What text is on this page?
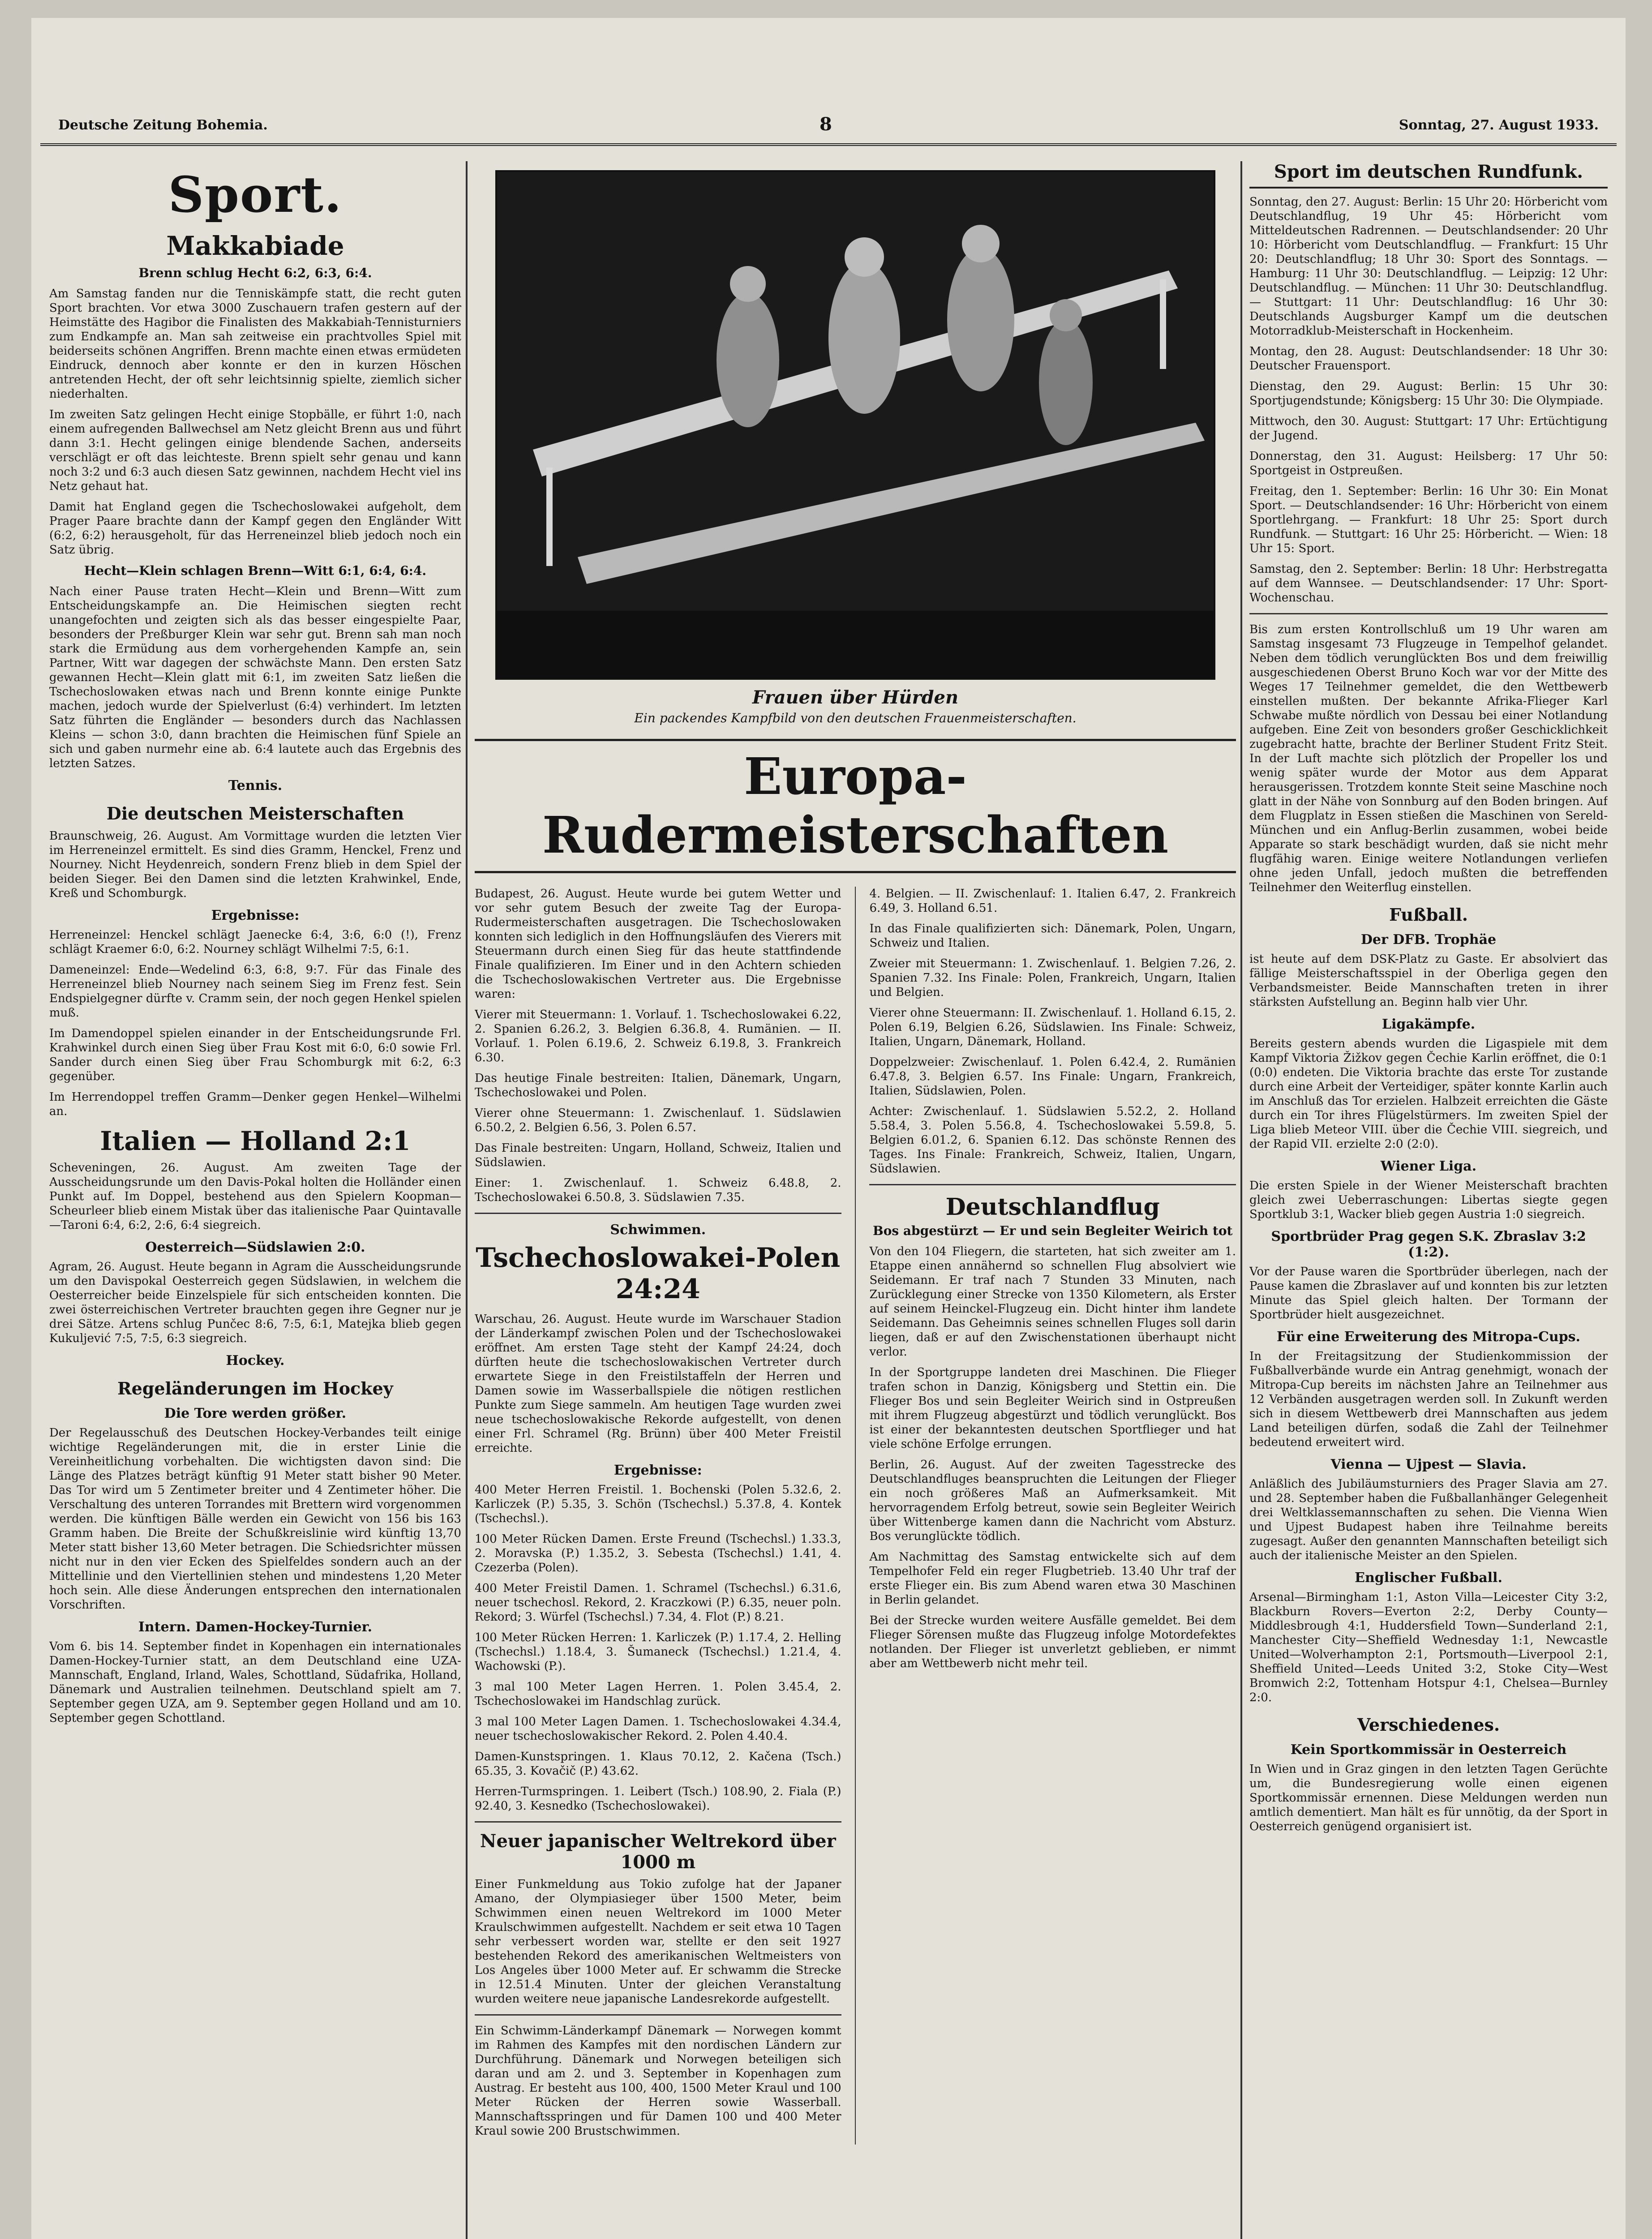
Deutsche Zeitung Bohemia.	8	Sonntag, 27. August 1933.
Sport.
Makkabiade
Brenn schlug Hecht 6:2, 6:3, 6:4.

Am Samstag fanden nur die Tenniskämpfe statt, die recht guten Sport brachten. Vor etwa 3000 Zuschauern trafen gestern auf der Heimstätte des Hagibor die Finalisten des Makkabiah-Tennisturniers zum Endkampfe an. Man sah zeitweise ein prachtvolles Spiel mit beiderseits schönen Angriffen. Brenn machte einen etwas ermüdeten Eindruck, dennoch aber konnte er den in kurzen Höschen antretenden Hecht, der oft sehr leichtsinnig spielte, ziemlich sicher niederhalten.

Im zweiten Satz gelingen Hecht einige Stopbälle, er führt 1:0, nach einem aufregenden Ballwechsel am Netz gleicht Brenn aus und führt dann 3:1. Hecht gelingen einige blendende Sachen, anderseits verschlägt er oft das leichteste. Brenn spielt sehr genau und kann noch 3:2 und 6:3 auch diesen Satz gewinnen, nachdem Hecht viel ins Netz gehaut hat.

Damit hat England gegen die Tschechoslowakei aufgeholt, dem Prager Paare brachte dann der Kampf gegen den Engländer Witt (6:2, 6:2) herausgeholt, für das Herreneinzel blieb jedoch noch ein Satz übrig.

Hecht—Klein schlagen Brenn—Witt 6:1, 6:4, 6:4.

Nach einer Pause traten Hecht—Klein und Brenn—Witt zum Entscheidungskampfe an. Die Heimischen siegten recht unangefochten und zeigten sich als das besser eingespielte Paar, besonders der Preßburger Klein war sehr gut. Brenn sah man noch stark die Ermüdung aus dem vorhergehenden Kampfe an, sein Partner, Witt war dagegen der schwächste Mann. Den ersten Satz gewannen Hecht—Klein glatt mit 6:1, im zweiten Satz ließen die Tschechoslowaken etwas nach und Brenn konnte einige Punkte machen, jedoch wurde der Spielverlust (6:4) verhindert. Im letzten Satz führten die Engländer — besonders durch das Nachlassen Kleins — schon 3:0, dann brachten die Heimischen fünf Spiele an sich und gaben nurmehr eine ab. 6:4 lautete auch das Ergebnis des letzten Satzes.

Tennis.
Die deutschen Meisterschaften

Braunschweig, 26. August. Am Vormittage wurden die letzten Vier im Herreneinzel ermittelt. Es sind dies Gramm, Henckel, Frenz und Nourney. Nicht Heydenreich, sondern Frenz blieb in dem Spiel der beiden Sieger. Bei den Damen sind die letzten Krahwinkel, Ende, Kreß und Schomburgk.

Ergebnisse:

Herreneinzel: Henckel schlägt Jaenecke 6:4, 3:6, 6:0 (!), Frenz schlägt Kraemer 6:0, 6:2. Nourney schlägt Wilhelmi 7:5, 6:1.

Dameneinzel: Ende—Wedelind 6:3, 6:8, 9:7. Für das Finale des Herreneinzel blieb Nourney nach seinem Sieg im Frenz fest. Sein Endspielgegner dürfte v. Cramm sein, der noch gegen Henkel spielen muß.

Im Damendoppel spielen einander in der Entscheidungsrunde Frl. Krahwinkel durch einen Sieg über Frau Kost mit 6:0, 6:0 sowie Frl. Sander durch einen Sieg über Frau Schomburgk mit 6:2, 6:3 gegenüber.

Im Herrendoppel treffen Gramm—Denker gegen Henkel—Wilhelmi an.

Italien — Holland 2:1

Scheveningen, 26. August. Am zweiten Tage der Ausscheidungsrunde um den Davis-Pokal holten die Holländer einen Punkt auf. Im Doppel, bestehend aus den Spielern Koopman—Scheurleer blieb einem Mistak über das italienische Paar Quintavalle—Taroni 6:4, 6:2, 2:6, 6:4 siegreich.

Oesterreich—Südslawien 2:0.

Agram, 26. August. Heute begann in Agram die Ausscheidungsrunde um den Davispokal Oesterreich gegen Südslawien, in welchem die Oesterreicher beide Einzelspiele für sich entscheiden konnten. Die zwei österreichischen Vertreter brauchten gegen ihre Gegner nur je drei Sätze. Artens schlug Punčec 8:6, 7:5, 6:1, Matejka blieb gegen Kukuljević 7:5, 7:5, 6:3 siegreich.

Hockey.
Regeländerungen im Hockey
Die Tore werden größer.

Der Regelausschuß des Deutschen Hockey-Verbandes teilt einige wichtige Regeländerungen mit, die in erster Linie die Vereinheitlichung vorbehalten. Die wichtigsten davon sind: Die Länge des Platzes beträgt künftig 91 Meter statt bisher 90 Meter. Das Tor wird um 5 Zentimeter breiter und 4 Zentimeter höher. Die Verschaltung des unteren Torrandes mit Brettern wird vorgenommen werden. Die künftigen Bälle werden ein Gewicht von 156 bis 163 Gramm haben. Die Breite der Schußkreislinie wird künftig 13,70 Meter statt bisher 13,60 Meter betragen. Die Schiedsrichter müssen nicht nur in den vier Ecken des Spielfeldes sondern auch an der Mittellinie und den Viertellinien stehen und mindestens 1,20 Meter hoch sein. Alle diese Änderungen entsprechen den internationalen Vorschriften.

Intern. Damen-Hockey-Turnier.

Vom 6. bis 14. September findet in Kopenhagen ein internationales Damen-Hockey-Turnier statt, an dem Deutschland eine UZA-Mannschaft, England, Irland, Wales, Schottland, Südafrika, Holland, Dänemark und Australien teilnehmen. Deutschland spielt am 7. September gegen UZA, am 9. September gegen Holland und am 10. September gegen Schottland.

Frauen über Hürden
Ein packendes Kampfbild von den deutschen Frauenmeisterschaften.
Europa-Rudermeisterschaften

Budapest, 26. August. Heute wurde bei gutem Wetter und vor sehr gutem Besuch der zweite Tag der Europa-Rudermeisterschaften ausgetragen. Die Tschechoslowaken konnten sich lediglich in den Hoffnungsläufen des Vierers mit Steuermann durch einen Sieg für das heute stattfindende Finale qualifizieren. Im Einer und in den Achtern schieden die Tschechoslowakischen Vertreter aus. Die Ergebnisse waren:

Vierer mit Steuermann: 1. Vorlauf. 1. Tschechoslowakei 6.22, 2. Spanien 6.26.2, 3. Belgien 6.36.8, 4. Rumänien. — II. Vorlauf. 1. Polen 6.19.6, 2. Schweiz 6.19.8, 3. Frankreich 6.30.

Das heutige Finale bestreiten: Italien, Dänemark, Ungarn, Tschechoslowakei und Polen.

Vierer ohne Steuermann: 1. Zwischenlauf. 1. Südslawien 6.50.2, 2. Belgien 6.56, 3. Polen 6.57.

Das Finale bestreiten: Ungarn, Holland, Schweiz, Italien und Südslawien.

Einer: 1. Zwischenlauf. 1. Schweiz 6.48.8, 2. Tschechoslowakei 6.50.8, 3. Südslawien 7.35.

Schwimmen.
Tschechoslowakei-Polen 24:24

Warschau, 26. August. Heute wurde im Warschauer Stadion der Länderkampf zwischen Polen und der Tschechoslowakei eröffnet. Am ersten Tage steht der Kampf 24:24, doch dürften heute die tschechoslowakischen Vertreter durch erwartete Siege in den Freistilstaffeln der Herren und Damen sowie im Wasserballspiele die nötigen restlichen Punkte zum Siege sammeln. Am heutigen Tage wurden zwei neue tschechoslowakische Rekorde aufgestellt, von denen einer Frl. Schramel (Rg. Brünn) über 400 Meter Freistil erreichte.

Ergebnisse:

400 Meter Herren Freistil. 1. Bochenski (Polen 5.32.6, 2. Karliczek (P.) 5.35, 3. Schön (Tschechsl.) 5.37.8, 4. Kontek (Tschechsl.).

100 Meter Rücken Damen. Erste Freund (Tschechsl.) 1.33.3, 2. Moravska (P.) 1.35.2, 3. Sebesta (Tschechsl.) 1.41, 4. Czezerba (Polen).

400 Meter Freistil Damen. 1. Schramel (Tschechsl.) 6.31.6, neuer tschechosl. Rekord, 2. Kraczkowi (P.) 6.35, neuer poln. Rekord; 3. Würfel (Tschechsl.) 7.34, 4. Flot (P.) 8.21.

100 Meter Rücken Herren: 1. Karliczek (P.) 1.17.4, 2. Helling (Tschechsl.) 1.18.4, 3. Šumaneck (Tschechsl.) 1.21.4, 4. Wachowski (P.).

3 mal 100 Meter Lagen Herren. 1. Polen 3.45.4, 2. Tschechoslowakei im Handschlag zurück.

3 mal 100 Meter Lagen Damen. 1. Tschechoslowakei 4.34.4, neuer tschechoslowakischer Rekord. 2. Polen 4.40.4.

Damen-Kunstspringen. 1. Klaus 70.12, 2. Kačena (Tsch.) 65.35, 3. Kovačič (P.) 43.62.

Herren-Turmspringen. 1. Leibert (Tsch.) 108.90, 2. Fiala (P.) 92.40, 3. Kesnedko (Tschechoslowakei).

Neuer japanischer Weltrekord über 1000 m

Einer Funkmeldung aus Tokio zufolge hat der Japaner Amano, der Olympiasieger über 1500 Meter, beim Schwimmen einen neuen Weltrekord im 1000 Meter Kraulschwimmen aufgestellt. Nachdem er seit etwa 10 Tagen sehr verbessert worden war, stellte er den seit 1927 bestehenden Rekord des amerikanischen Weltmeisters von Los Angeles über 1000 Meter auf. Er schwamm die Strecke in 12.51.4 Minuten. Unter der gleichen Veranstaltung wurden weitere neue japanische Landesrekorde aufgestellt.

Ein Schwimm-Länderkampf Dänemark — Norwegen kommt im Rahmen des Kampfes mit den nordischen Ländern zur Durchführung. Dänemark und Norwegen beteiligen sich daran und am 2. und 3. September in Kopenhagen zum Austrag. Er besteht aus 100, 400, 1500 Meter Kraul und 100 Meter Rücken der Herren sowie Wasserball. Mannschaftsspringen und für Damen 100 und 400 Meter Kraul sowie 200 Brustschwimmen.

4. Belgien. — II. Zwischenlauf: 1. Italien 6.47, 2. Frankreich 6.49, 3. Holland 6.51.

In das Finale qualifizierten sich: Dänemark, Polen, Ungarn, Schweiz und Italien.

Zweier mit Steuermann: 1. Zwischenlauf. 1. Belgien 7.26, 2. Spanien 7.32. Ins Finale: Polen, Frankreich, Ungarn, Italien und Belgien.

Vierer ohne Steuermann: II. Zwischenlauf. 1. Holland 6.15, 2. Polen 6.19, Belgien 6.26, Südslawien. Ins Finale: Schweiz, Italien, Ungarn, Dänemark, Holland.

Doppelzweier: Zwischenlauf. 1. Polen 6.42.4, 2. Rumänien 6.47.8, 3. Belgien 6.57. Ins Finale: Ungarn, Frankreich, Italien, Südslawien, Polen.

Achter: Zwischenlauf. 1. Südslawien 5.52.2, 2. Holland 5.58.4, 3. Polen 5.56.8, 4. Tschechoslowakei 5.59.8, 5. Belgien 6.01.2, 6. Spanien 6.12. Das schönste Rennen des Tages. Ins Finale: Frankreich, Schweiz, Italien, Ungarn, Südslawien.

Deutschlandflug
Bos abgestürzt — Er und sein Begleiter Weirich tot

Von den 104 Fliegern, die starteten, hat sich zweiter am 1. Etappe einen annähernd so schnellen Flug absolviert wie Seidemann. Er traf nach 7 Stunden 33 Minuten, nach Zurücklegung einer Strecke von 1350 Kilometern, als Erster auf seinem Heinckel-Flugzeug ein. Dicht hinter ihm landete Seidemann. Das Geheimnis seines schnellen Fluges soll darin liegen, daß er auf den Zwischenstationen überhaupt nicht verlor.

In der Sportgruppe landeten drei Maschinen. Die Flieger trafen schon in Danzig, Königsberg und Stettin ein. Die Flieger Bos und sein Begleiter Weirich sind in Ostpreußen mit ihrem Flugzeug abgestürzt und tödlich verunglückt. Bos ist einer der bekanntesten deutschen Sportflieger und hat viele schöne Erfolge errungen.

Berlin, 26. August. Auf der zweiten Tagesstrecke des Deutschlandfluges beanspruchten die Leitungen der Flieger ein noch größeres Maß an Aufmerksamkeit. Mit hervorragendem Erfolg betreut, sowie sein Begleiter Weirich über Wittenberge kamen dann die Nachricht vom Absturz. Bos verunglückte tödlich.

Am Nachmittag des Samstag entwickelte sich auf dem Tempelhofer Feld ein reger Flugbetrieb. 13.40 Uhr traf der erste Flieger ein. Bis zum Abend waren etwa 30 Maschinen in Berlin gelandet.

Bei der Strecke wurden weitere Ausfälle gemeldet. Bei dem Flieger Sörensen mußte das Flugzeug infolge Motordefektes notlanden. Der Flieger ist unverletzt geblieben, er nimmt aber am Wettbewerb nicht mehr teil.

Sport im deutschen Rundfunk.

Sonntag, den 27. August: Berlin: 15 Uhr 20: Hörbericht vom Deutschlandflug, 19 Uhr 45: Hörbericht vom Mitteldeutschen Radrennen. — Deutschlandsender: 20 Uhr 10: Hörbericht vom Deutschlandflug. — Frankfurt: 15 Uhr 20: Deutschlandflug; 18 Uhr 30: Sport des Sonntags. — Hamburg: 11 Uhr 30: Deutschlandflug. — Leipzig: 12 Uhr: Deutschlandflug. — München: 11 Uhr 30: Deutschlandflug. — Stuttgart: 11 Uhr: Deutschlandflug: 16 Uhr 30: Deutschlands Augsburger Kampf um die deutschen Motorradklub-Meisterschaft in Hockenheim.

Montag, den 28. August: Deutschlandsender: 18 Uhr 30: Deutscher Frauensport.

Dienstag, den 29. August: Berlin: 15 Uhr 30: Sportjugendstunde; Königsberg: 15 Uhr 30: Die Olympiade.

Mittwoch, den 30. August: Stuttgart: 17 Uhr: Ertüchtigung der Jugend.

Donnerstag, den 31. August: Heilsberg: 17 Uhr 50: Sportgeist in Ostpreußen.

Freitag, den 1. September: Berlin: 16 Uhr 30: Ein Monat Sport. — Deutschlandsender: 16 Uhr: Hörbericht von einem Sportlehrgang. — Frankfurt: 18 Uhr 25: Sport durch Rundfunk. — Stuttgart: 16 Uhr 25: Hörbericht. — Wien: 18 Uhr 15: Sport.

Samstag, den 2. September: Berlin: 18 Uhr: Herbstregatta auf dem Wannsee. — Deutschlandsender: 17 Uhr: Sport-Wochenschau.

Bis zum ersten Kontrollschluß um 19 Uhr waren am Samstag insgesamt 73 Flugzeuge in Tempelhof gelandet. Neben dem tödlich verunglückten Bos und dem freiwillig ausgeschiedenen Oberst Bruno Koch war vor der Mitte des Weges 17 Teilnehmer gemeldet, die den Wettbewerb einstellen mußten. Der bekannte Afrika-Flieger Karl Schwabe mußte nördlich von Dessau bei einer Notlandung aufgeben. Eine Zeit von besonders großer Geschicklichkeit zugebracht hatte, brachte der Berliner Student Fritz Steit. In der Luft machte sich plötzlich der Propeller los und wenig später wurde der Motor aus dem Apparat herausgerissen. Trotzdem konnte Steit seine Maschine noch glatt in der Nähe von Sonnburg auf den Boden bringen. Auf dem Flugplatz in Essen stießen die Maschinen von Sereld-München und ein Anflug-Berlin zusammen, wobei beide Apparate so stark beschädigt wurden, daß sie nicht mehr flugfähig waren. Einige weitere Notlandungen verliefen ohne jeden Unfall, jedoch mußten die betreffenden Teilnehmer den Weiterflug einstellen.

Fußball.
Der DFB. Trophäe

ist heute auf dem DSK-Platz zu Gaste. Er absolviert das fällige Meisterschaftsspiel in der Oberliga gegen den Verbandsmeister. Beide Mannschaften treten in ihrer stärksten Aufstellung an. Beginn halb vier Uhr.

Ligakämpfe.

Bereits gestern abends wurden die Ligaspiele mit dem Kampf Viktoria Žižkov gegen Čechie Karlin eröffnet, die 0:1 (0:0) endeten. Die Viktoria brachte das erste Tor zustande durch eine Arbeit der Verteidiger, später konnte Karlin auch im Anschluß das Tor erzielen. Halbzeit erreichten die Gäste durch ein Tor ihres Flügelstürmers. Im zweiten Spiel der Liga blieb Meteor VIII. über die Čechie VIII. siegreich, und der Rapid VII. erzielte 2:0 (2:0).

Wiener Liga.

Die ersten Spiele in der Wiener Meisterschaft brachten gleich zwei Ueberraschungen: Libertas siegte gegen Sportklub 3:1, Wacker blieb gegen Austria 1:0 siegreich.

Sportbrüder Prag gegen S.K. Zbraslav 3:2 (1:2).

Vor der Pause waren die Sportbrüder überlegen, nach der Pause kamen die Zbraslaver auf und konnten bis zur letzten Minute das Spiel gleich halten. Der Tormann der Sportbrüder hielt ausgezeichnet.

Für eine Erweiterung des Mitropa-Cups.

In der Freitagsitzung der Studienkommission der Fußballverbände wurde ein Antrag genehmigt, wonach der Mitropa-Cup bereits im nächsten Jahre an Teilnehmer aus 12 Verbänden ausgetragen werden soll. In Zukunft werden sich in diesem Wettbewerb drei Mannschaften aus jedem Land beteiligen dürfen, sodaß die Zahl der Teilnehmer bedeutend erweitert wird.

Vienna — Ujpest — Slavia.

Anläßlich des Jubiläumsturniers des Prager Slavia am 27. und 28. September haben die Fußballanhänger Gelegenheit drei Weltklassemannschaften zu sehen. Die Vienna Wien und Ujpest Budapest haben ihre Teilnahme bereits zugesagt. Außer den genannten Mannschaften beteiligt sich auch der italienische Meister an den Spielen.

Englischer Fußball.

Arsenal—Birmingham 1:1, Aston Villa—Leicester City 3:2, Blackburn Rovers—Everton 2:2, Derby County—Middlesbrough 4:1, Huddersfield Town—Sunderland 2:1, Manchester City—Sheffield Wednesday 1:1, Newcastle United—Wolverhampton 2:1, Portsmouth—Liverpool 2:1, Sheffield United—Leeds United 3:2, Stoke City—West Bromwich 2:2, Tottenham Hotspur 4:1, Chelsea—Burnley 2:0.

Verschiedenes.
Kein Sportkommissär in Oesterreich

In Wien und in Graz gingen in den letzten Tagen Gerüchte um, die Bundesregierung wolle einen eigenen Sportkommissär ernennen. Diese Meldungen werden nun amtlich dementiert. Man hält es für unnötig, da der Sport in Oesterreich genügend organisiert ist.
